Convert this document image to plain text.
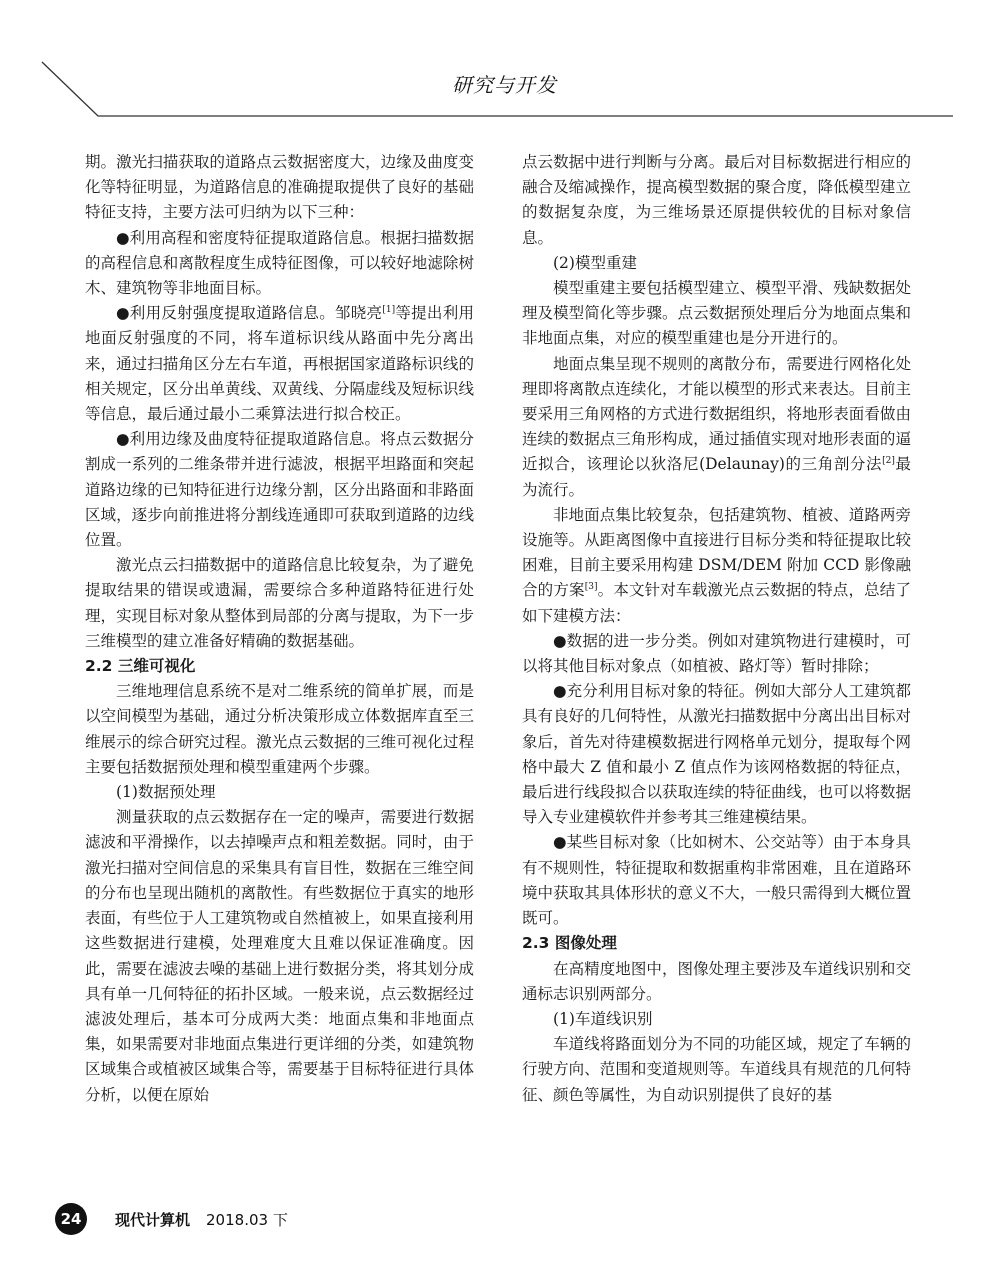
研究与开发

期。激光扫描获取的道路点云数据密度大，边缘及曲度变化等特征明显，为道路信息的准确提取提供了良好的基础特征支持，主要方法可归纳为以下三种：

●利用高程和密度特征提取道路信息。根据扫描数据的高程信息和离散程度生成特征图像，可以较好地滤除树木、建筑物等非地面目标。

●利用反射强度提取道路信息。邹晓亮[1]等提出利用地面反射强度的不同，将车道标识线从路面中先分离出来，通过扫描角区分左右车道，再根据国家道路标识线的相关规定，区分出单黄线、双黄线、分隔虚线及短标识线等信息，最后通过最小二乘算法进行拟合校正。

●利用边缘及曲度特征提取道路信息。将点云数据分割成一系列的二维条带并进行滤波，根据平坦路面和突起道路边缘的已知特征进行边缘分割，区分出路面和非路面区域，逐步向前推进将分割线连通即可获取到道路的边线位置。

激光点云扫描数据中的道路信息比较复杂，为了避免提取结果的错误或遗漏，需要综合多种道路特征进行处理，实现目标对象从整体到局部的分离与提取，为下一步三维模型的建立准备好精确的数据基础。

2.2 三维可视化

三维地理信息系统不是对二维系统的简单扩展，而是以空间模型为基础，通过分析决策形成立体数据库直至三维展示的综合研究过程。激光点云数据的三维可视化过程主要包括数据预处理和模型重建两个步骤。

(1)数据预处理

测量获取的点云数据存在一定的噪声，需要进行数据滤波和平滑操作，以去掉噪声点和粗差数据。同时，由于激光扫描对空间信息的采集具有盲目性，数据在三维空间的分布也呈现出随机的离散性。有些数据位于真实的地形表面，有些位于人工建筑物或自然植被上，如果直接利用这些数据进行建模，处理难度大且难以保证准确度。因此，需要在滤波去噪的基础上进行数据分类，将其划分成具有单一几何特征的拓扑区域。一般来说，点云数据经过滤波处理后，基本可分成两大类：地面点集和非地面点集，如果需要对非地面点集进行更详细的分类，如建筑物区域集合或植被区域集合等，需要基于目标特征进行具体分析，以便在原始

点云数据中进行判断与分离。最后对目标数据进行相应的融合及缩减操作，提高模型数据的聚合度，降低模型建立的数据复杂度，为三维场景还原提供较优的目标对象信息。

(2)模型重建

模型重建主要包括模型建立、模型平滑、残缺数据处理及模型简化等步骤。点云数据预处理后分为地面点集和非地面点集，对应的模型重建也是分开进行的。

地面点集呈现不规则的离散分布，需要进行网格化处理即将离散点连续化，才能以模型的形式来表达。目前主要采用三角网格的方式进行数据组织，将地形表面看做由连续的数据点三角形构成，通过插值实现对地形表面的逼近拟合，该理论以狄洛尼(Delaunay)的三角剖分法[2]最为流行。

非地面点集比较复杂，包括建筑物、植被、道路两旁设施等。从距离图像中直接进行目标分类和特征提取比较困难，目前主要采用构建 DSM/DEM 附加 CCD 影像融合的方案[3]。本文针对车载激光点云数据的特点，总结了如下建模方法：

●数据的进一步分类。例如对建筑物进行建模时，可以将其他目标对象点（如植被、路灯等）暂时排除；

●充分利用目标对象的特征。例如大部分人工建筑都具有良好的几何特性，从激光扫描数据中分离出出目标对象后，首先对待建模数据进行网格单元划分，提取每个网格中最大 Z 值和最小 Z 值点作为该网格数据的特征点，最后进行线段拟合以获取连续的特征曲线，也可以将数据导入专业建模软件并参考其三维建模结果。

●某些目标对象（比如树木、公交站等）由于本身具有不规则性，特征提取和数据重构非常困难，且在道路环境中获取其具体形状的意义不大，一般只需得到大概位置既可。

2.3 图像处理

在高精度地图中，图像处理主要涉及车道线识别和交通标志识别两部分。

(1)车道线识别

车道线将路面划分为不同的功能区域，规定了车辆的行驶方向、范围和变道规则等。车道线具有规范的几何特征、颜色等属性，为自动识别提供了良好的基

24	现代计算机 2018.03 下
